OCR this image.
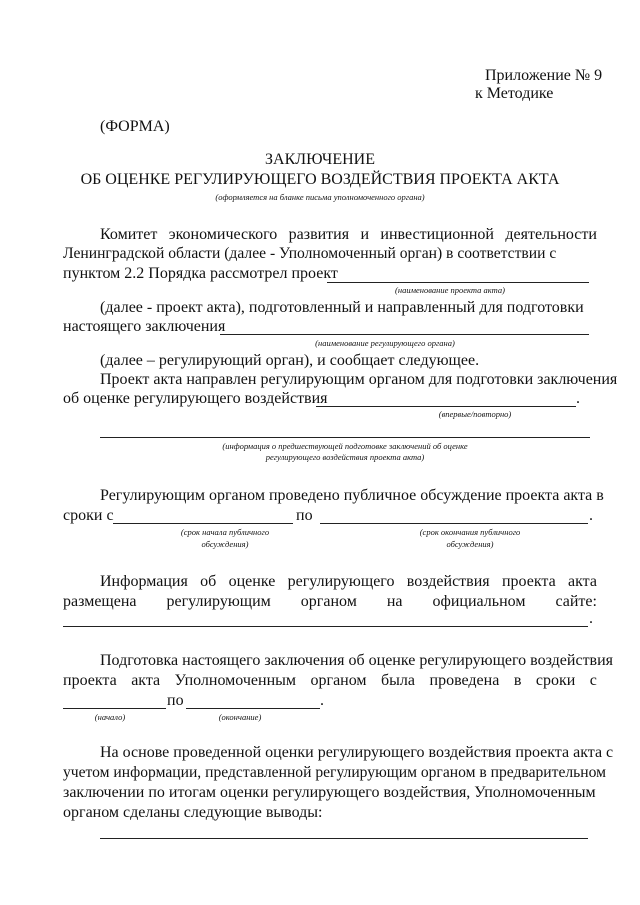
Приложение № 9
к Методике
(ФОРМА)
ЗАКЛЮЧЕНИЕ
ОБ ОЦЕНКЕ РЕГУЛИРУЮЩЕГО ВОЗДЕЙСТВИЯ ПРОЕКТА АКТА
(оформляется на бланке письма уполномоченного органа)
Комитет экономического развития и инвестиционной деятельности
Ленинградской области (далее - Уполномоченный орган) в соответствии с
пунктом 2.2 Порядка рассмотрел проект
(наименование проекта акта)
(далее - проект акта), подготовленный и направленный для подготовки
настоящего заключения
(наименование регулирующего органа)
(далее – регулирующий орган), и сообщает следующее.
Проект акта направлен регулирующим органом для подготовки заключения
об оценке регулирующего воздействия	.
(впервые/повторно)
(информация о предшествующей подготовке заключений об оценке
регулирующего воздействия проекта акта)
Регулирующим органом проведено публичное обсуждение проекта акта в
сроки с	по	.
(срок начала публичного
обсуждения)
(срок окончания публичного
обсуждения)
Информация об оценке регулирующего воздействия проекта акта
размещена регулирующим органом на официальном сайте:
.
Подготовка настоящего заключения об оценке регулирующего воздействия
проекта акта Уполномоченным органом была проведена в сроки с
по	.
(начало)	(окончание)
На основе проведенной оценки регулирующего воздействия проекта акта с
учетом информации, представленной регулирующим органом в предварительном
заключении по итогам оценки регулирующего воздействия, Уполномоченным
органом сделаны следующие выводы:
